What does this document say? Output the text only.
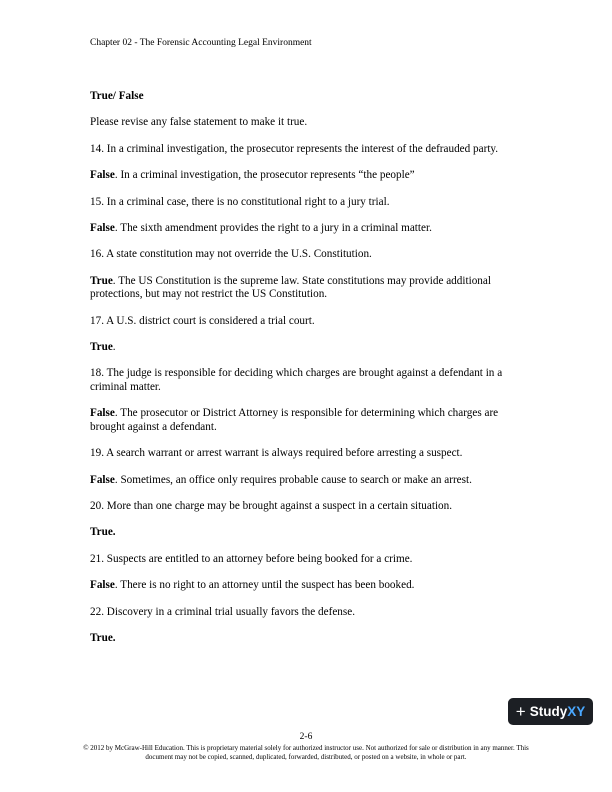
Chapter 02 - The Forensic Accounting Legal Environment

True/ False

Please revise any false statement to make it true.

14. In a criminal investigation, the prosecutor represents the interest of the defrauded party.

False. In a criminal investigation, the prosecutor represents “the people”

15. In a criminal case, there is no constitutional right to a jury trial.

False. The sixth amendment provides the right to a jury in a criminal matter.

16. A state constitution may not override the U.S. Constitution.

True. The US Constitution is the supreme law. State constitutions may provide additional protections, but may not restrict the US Constitution.

17. A U.S. district court is considered a trial court.

True.

18. The judge is responsible for deciding which charges are brought against a defendant in a criminal matter.

False. The prosecutor or District Attorney is responsible for determining which charges are brought against a defendant.

19. A search warrant or arrest warrant is always required before arresting a suspect.

False. Sometimes, an office only requires probable cause to search or make an arrest.

20. More than one charge may be brought against a suspect in a certain situation.

True.

21. Suspects are entitled to an attorney before being booked for a crime.

False. There is no right to an attorney until the suspect has been booked.

22. Discovery in a criminal trial usually favors the defense.

True.

+ StudyXY
2-6
© 2012 by McGraw-Hill Education. This is proprietary material solely for authorized instructor use. Not authorized for sale or distribution in any manner. This document may not be copied, scanned, duplicated, forwarded, distributed, or posted on a website, in whole or part.
